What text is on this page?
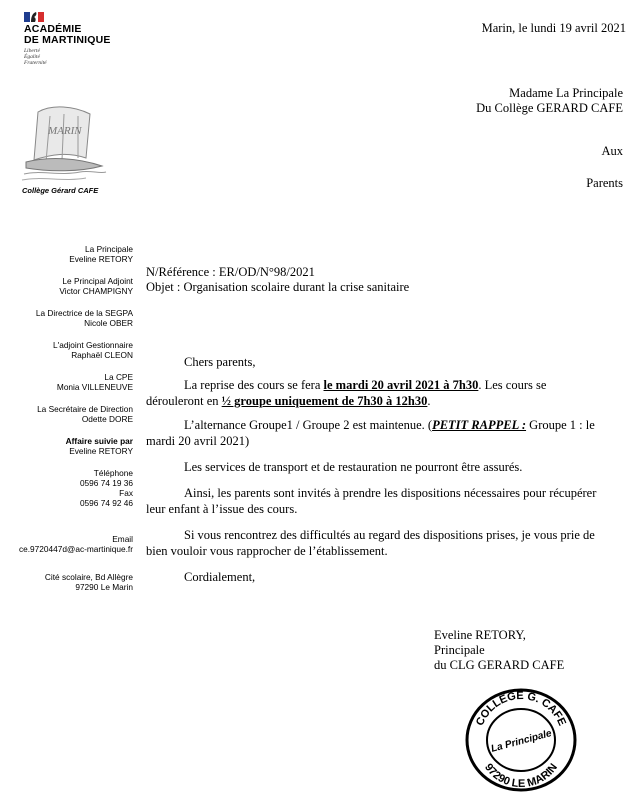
ACADÉMIE
DE MARTINIQUE
Liberté
Égalité
Fraternité
MARIN
Collège Gérard CAFE
Marin, le lundi 19 avril 2021
Madame La Principale
Du Collège GERARD CAFE
Aux
Parents
La Principale
Eveline RETORY
Le Principal Adjoint
Victor CHAMPIGNY
La Directrice de la SEGPA
Nicole OBER
L'adjoint Gestionnaire
Raphaël CLEON
La CPE
Monia VILLENEUVE
La Secrétaire de Direction
Odette DORE
Affaire suivie par
Eveline RETORY
Téléphone
0596 74 19 36
Fax
0596 74 92 46
Email
ce.9720447d@ac-martinique.fr
Cité scolaire, Bd Allègre
97290 Le Marin
N/Référence : ER/OD/N°98/2021
Objet : Organisation scolaire durant la crise sanitaire
Chers parents,
La reprise des cours se fera le mardi 20 avril 2021 à 7h30. Les cours se
dérouleront en ½ groupe uniquement de 7h30 à 12h30.
L’alternance Groupe1 / Groupe 2 est maintenue. (PETIT RAPPEL : Groupe 1 : le
mardi 20 avril 2021)
Les services de transport et de restauration ne pourront être assurés.
Ainsi, les parents sont invités à prendre les dispositions nécessaires pour récupérer
leur enfant à l’issue des cours.
Si vous rencontrez des difficultés au regard des dispositions prises, je vous prie de
bien vouloir vous rapprocher de l’établissement.
Cordialement,
Eveline RETORY,
Principale
du CLG GERARD CAFE
COLLEGE G. CAFE
97290 LE MARIN
La Principale
